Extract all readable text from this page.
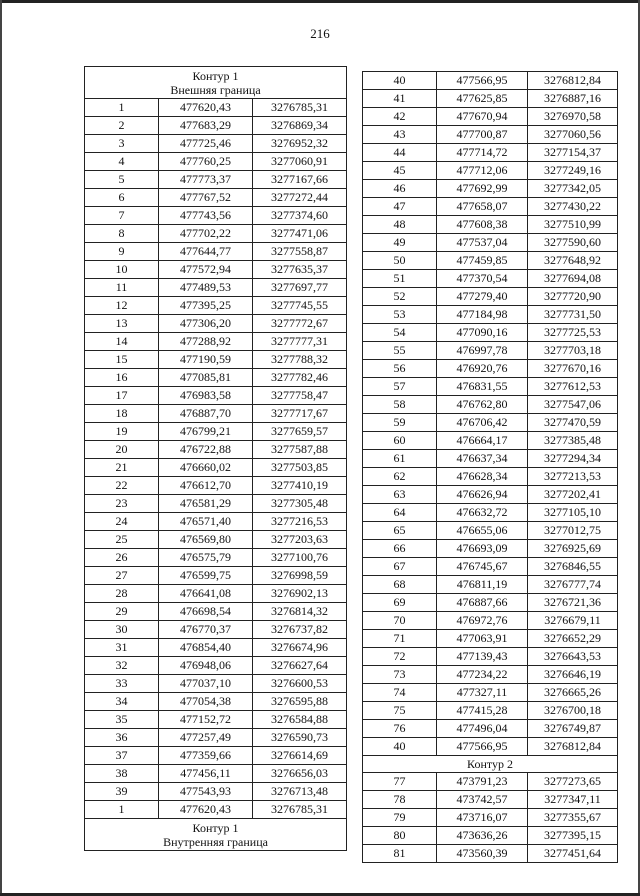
216
Контур 1
Внешняя граница		

1	477620,43	3276785,31
2	477683,29	3276869,34
3	477725,46	3276952,32
4	477760,25	3277060,91
5	477773,37	3277167,66
6	477767,52	3277272,44
7	477743,56	3277374,60
8	477702,22	3277471,06
9	477644,77	3277558,87
10	477572,94	3277635,37
11	477489,53	3277697,77
12	477395,25	3277745,55
13	477306,20	3277772,67
14	477288,92	3277777,31
15	477190,59	3277788,32
16	477085,81	3277782,46
17	476983,58	3277758,47
18	476887,70	3277717,67
19	476799,21	3277659,57
20	476722,88	3277587,88
21	476660,02	3277503,85
22	476612,70	3277410,19
23	476581,29	3277305,48
24	476571,40	3277216,53
25	476569,80	3277203,63
26	476575,79	3277100,76
27	476599,75	3276998,59
28	476641,08	3276902,13
29	476698,54	3276814,32
30	476770,37	3276737,82
31	476854,40	3276674,96
32	476948,06	3276627,64
33	477037,10	3276600,53
34	477054,38	3276595,88
35	477152,72	3276584,88
36	477257,49	3276590,73
37	477359,66	3276614,69
38	477456,11	3276656,03
39	477543,93	3276713,48
1	477620,43	3276785,31

Контур 1
Внутренняя граница		
40	477566,95	3276812,84
41	477625,85	3276887,16
42	477670,94	3276970,58
43	477700,87	3277060,56
44	477714,72	3277154,37
45	477712,06	3277249,16
46	477692,99	3277342,05
47	477658,07	3277430,22
48	477608,38	3277510,99
49	477537,04	3277590,60
50	477459,85	3277648,92
51	477370,54	3277694,08
52	477279,40	3277720,90
53	477184,98	3277731,50
54	477090,16	3277725,53
55	476997,78	3277703,18
56	476920,76	3277670,16
57	476831,55	3277612,53
58	476762,80	3277547,06
59	476706,42	3277470,59
60	476664,17	3277385,48
61	476637,34	3277294,34
62	476628,34	3277213,53
63	476626,94	3277202,41
64	476632,72	3277105,10
65	476655,06	3277012,75
66	476693,09	3276925,69
67	476745,67	3276846,55
68	476811,19	3276777,74
69	476887,66	3276721,36
70	476972,76	3276679,11
71	477063,91	3276652,29
72	477139,43	3276643,53
73	477234,22	3276646,19
74	477327,11	3276665,26
75	477415,28	3276700,18
76	477496,04	3276749,87
40	477566,95	3276812,84

Контур 2		

77	473791,23	3277273,65
78	473742,57	3277347,11
79	473716,07	3277355,67
80	473636,26	3277395,15
81	473560,39	3277451,64
